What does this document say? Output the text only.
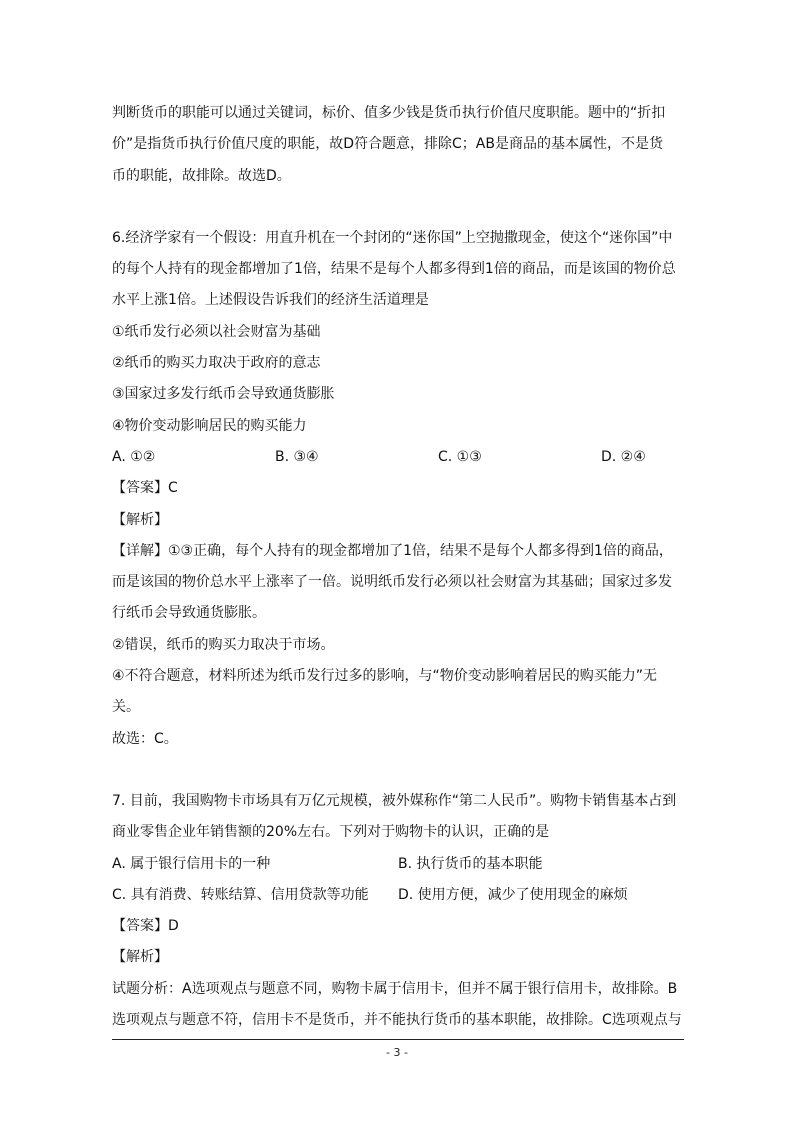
判断货币的职能可以通过关键词，标价、值多少钱是货币执行价值尺度职能。题中的“折扣

价”是指货币执行价值尺度的职能，故D符合题意，排除C；AB是商品的基本属性，不是货

币的职能，故排除。故选D。

6.经济学家有一个假设：用直升机在一个封闭的“迷你国”上空抛撒现金，使这个“迷你国”中

的每个人持有的现金都增加了1倍，结果不是每个人都多得到1倍的商品，而是该国的物价总

水平上涨1倍。上述假设告诉我们的经济生活道理是

①纸币发行必须以社会财富为基础

②纸币的购买力取决于政府的意志

③国家过多发行纸币会导致通货膨胀

④物价变动影响居民的购买能力

A. ①②	B. ③④	C. ①③	D. ②④

【答案】C

【解析】

【详解】①③正确，每个人持有的现金都增加了1倍，结果不是每个人都多得到1倍的商品，

而是该国的物价总水平上涨率了一倍。说明纸币发行必须以社会财富为其基础；国家过多发

行纸币会导致通货膨胀。

②错误，纸币的购买力取决于市场。

④不符合题意，材料所述为纸币发行过多的影响，与“物价变动影响着居民的购买能力”无

关。

故选：C。

7. 目前，我国购物卡市场具有万亿元规模，被外媒称作“第二人民币”。购物卡销售基本占到

商业零售企业年销售额的20%左右。下列对于购物卡的认识，正确的是

A. 属于银行信用卡的一种	B. 执行货币的基本职能
C. 具有消费、转账结算、信用贷款等功能	D. 使用方便，减少了使用现金的麻烦

【答案】D

【解析】

试题分析：A选项观点与题意不同，购物卡属于信用卡，但并不属于银行信用卡，故排除。B

选项观点与题意不符，信用卡不是货币，并不能执行货币的基本职能，故排除。C选项观点与

- 3 -
